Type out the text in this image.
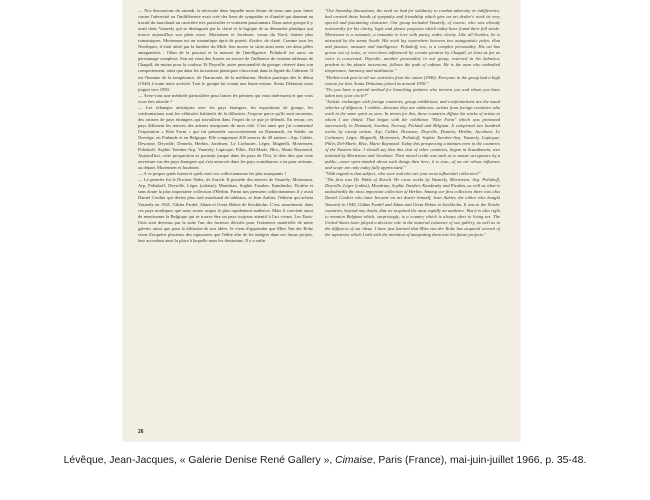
— Nos discussions du samedi, la nécessité dans laquelle nous étions de nous unir pour lutter contre l'adversité ou l'indifférence avait créé des liens de sympathie et d'amitié qui donnent au travail du marchand un caractère très particulier et vraiment passionnant. Dans notre groupe il y avait donc Vasarely qui se distinguait par la clarté et la logique de sa démarche plastique qui trouve aujourd'hui son plein essor. Mortensen et Jacobsen, venus du Nord, étaient plus romantiques. Mortensen est un romantique épris de pureté, d'ordre, de clarté. Comme tous les Nordiques, il était attiré par la lumière du Midi. Son œuvre se situe ainsi entre ces deux pôles antagonistes : l'élan de la passion et la mesure de l'intelligence. Poliakoff est aussi un personnage complexe. Son art vient des Icones ou encore de l'influence de certains tableaux de Chagall, du moins pour la couleur. Et Deyrolle, autre personnalité du groupe, réservé dans son comportement, ainsi que dans les incursions plastiques s'inscrivait dans la lignée du Cubisme. Il est l'homme de la tempérance, de l'harmonie, de la méditation. Herbin participa dès le début (1946) à toute notre activité. Tout le groupe lui vouait une haute estime. Sonia Delaunay nous joignit vers 1950.

— Avez-vous une méthode particulière pour lancer les peintres qui vous intéressent et que vous vous êtes attaché ?

— Les échanges artistiques avec les pays étrangers, les expositions de groupe, les confrontations sont les véhicules habituels de la diffusion. J'expose parce qu'ils sont inconnus, des artistes de pays étrangers qui travaillent dans l'esprit de ce que je défends. En retour, ces pays diffusent les œuvres des artistes marquants de mon côté. C'est ainsi que j'ai commencé l'exposition « Klar Form » qui fut présentée successivement au Danemark, en Suède, en Norvège, en Finlande et en Belgique. Elle comprenait 200 œuvres de 20 artistes : Arp, Calder, Dewasne, Deyrolle, Domela, Herbin, Jacobsen, Le Corbusier, Léger, Magnelli, Mortensen, Poliakoff, Sophie Taeuber-Arp, Vasarely, Lapicque, Pillet, Del-Marle, Bloc, Marie Raymond. Aujourd'hui, cette prospection se poursuit jusque dans les pays de l'Est, le dois dire que cette ouverture sur des pays étrangers qui s'est amorcée dans les pays scandinaves a eu pour artisans, au départ, Mortensen et Jacobsen.

— A ce propos quels furent et quels sont vos collectionneurs les plus marquants ?

— Le premier fut le Docteur Waltz, de Zurich. Il possède des œuvres de Vasarely, Mortensen, Arp, Poliakoff, Deyrolle, Léger (cubiste), Mondrian, Sophie Taeuber, Kandinsky, Picabia et sans doute la plus importante collection d'Herbin. Parmi nos premiers collectionneurs il y avait Daniel Cordier qui devint plus tard marchand de tableaux, et Jean Aubier, l'éditeur qui acheta Vasarely en 1945, Gildas Fardel, Adam et Greta Helms de Stockholm. C'est, assurément, dans ces pays nordiques que nous avons acquis le plus rapidement audience. Mais il convient aussi de mentionner la Belgique qui se trouve être un pays toujours attentif à l'art vivant. Les Etats-Unis sont devenus par la suite l'un des facteurs décisifs pour l'existence matérielle de notre galerie, aussi que pour la diffusion de nos idées. Je viens d'apprendre que Mies Van der Rohe vient d'acquérir plusieurs des tapisseries que l'édite afin de les intégrer dans ses futurs projets, leur accordant ainsi la place à laquelle nous les destinions. Il y a enfin

"Our Saturday discussions, the need we had for solidarity to combat adversity or indifference, had created those bonds of sympathy and friendship which give an art dealer's work its very special and fascinating character. Our group included Vasarely, of course, who was already noteworthy for his clarity, logic and plastic purposes which today have found their full stride. Mortensen is a romantic, a romantic in love with purity, order, clarity. Like all Nordics, he is attracted by the sunny South. His work lay somewhere between two antagonistic poles: élan and passion, measure and intelligence. Poliakoff, too, is a complex personality. His art has grown out of icons, or even been influenced by certain pictures by Chagall, at least as far as color is concerned. Deyrolle, another personality in our group, reserved in his behavior, prudent in his plastic incursions, follows the path of cubism. He is the man who embodied temperance, harmony and meditation."

"Herbin took part in all our activities from the outset (1946). Everyone in the group had a high esteem for him. Sonia Delaunay joined us around 1950."

"Do you have a special method for launching painters who interest you and whom you have taken into your circle?"

"Artistic exchanges with foreign countries, group exhibitions, and confrontations are the usual vehicles of diffusion. I exhibit—because they are unknown—artists from foreign countries who work in the same spirit as ours. In return for this, these countries diffuse the works of artists to whom I am linked. That began with the exhibition "Klar Form" which was presented successively in Denmark, Sweden, Norway, Finland and Belgium. It comprised two hundred works by twenty artists: Arp, Calder, Dewasne, Deyrolle, Domela, Herbin, Jacobsen, Le Corbusier, Léger, Magnelli, Mortensen, Poliakoff, Sophie Taeuber-Arp, Vasarely, Lapicque, Pillet, Del-Marle, Bloc, Marie Raymond. Today this prospecting continues even in the countries of the Eastern bloc. I should say that this visit of other countries, begun in Scandinavia, was initiated by Mortensen and Jacobsen. Their moral credit was such as to assure acceptance by a public—more open-minded about such things then here, it is true—of an art whose influence and scope are only today fully appreciated."

"With regard to that subject, who were and who are your most influential collectors?"

"The first was Dr. Waltz of Zurich. He owns works by Vasarely, Mortensen, Arp, Poliakoff, Deyrolle, Léger (cubist), Mondrian, Sophie Taeuber, Kandinsky and Picabia, as well as what is undoubtedly the most important collection of Herbin. Among our first collectors there was also Daniel Cordier who later became an art dealer himself, Jean Aubier, the editor who bought Vasarely in 1945, Gildas Fardel and Adam and Greta Helms in Stockholm. It was in the Nordic countries, beyond any doubt, that we acquired the most rapidly an audience. But it is also right to mention Belgium which, surprisingly, is a country which is always alert to living art. The United States later played a decisive role in the material existence of our gallery, as well as in the diffusion of our ideas. I have just learned that Mies van der Rohe has acquired several of the tapestries which I edit with the intention of integrating them into his future projects."

26
Lévêque, Jean-Jacques, « Galerie Denise René Gallery », Cimaise, Paris (France), mai-juin-juillet 1966, p. 35-48.
